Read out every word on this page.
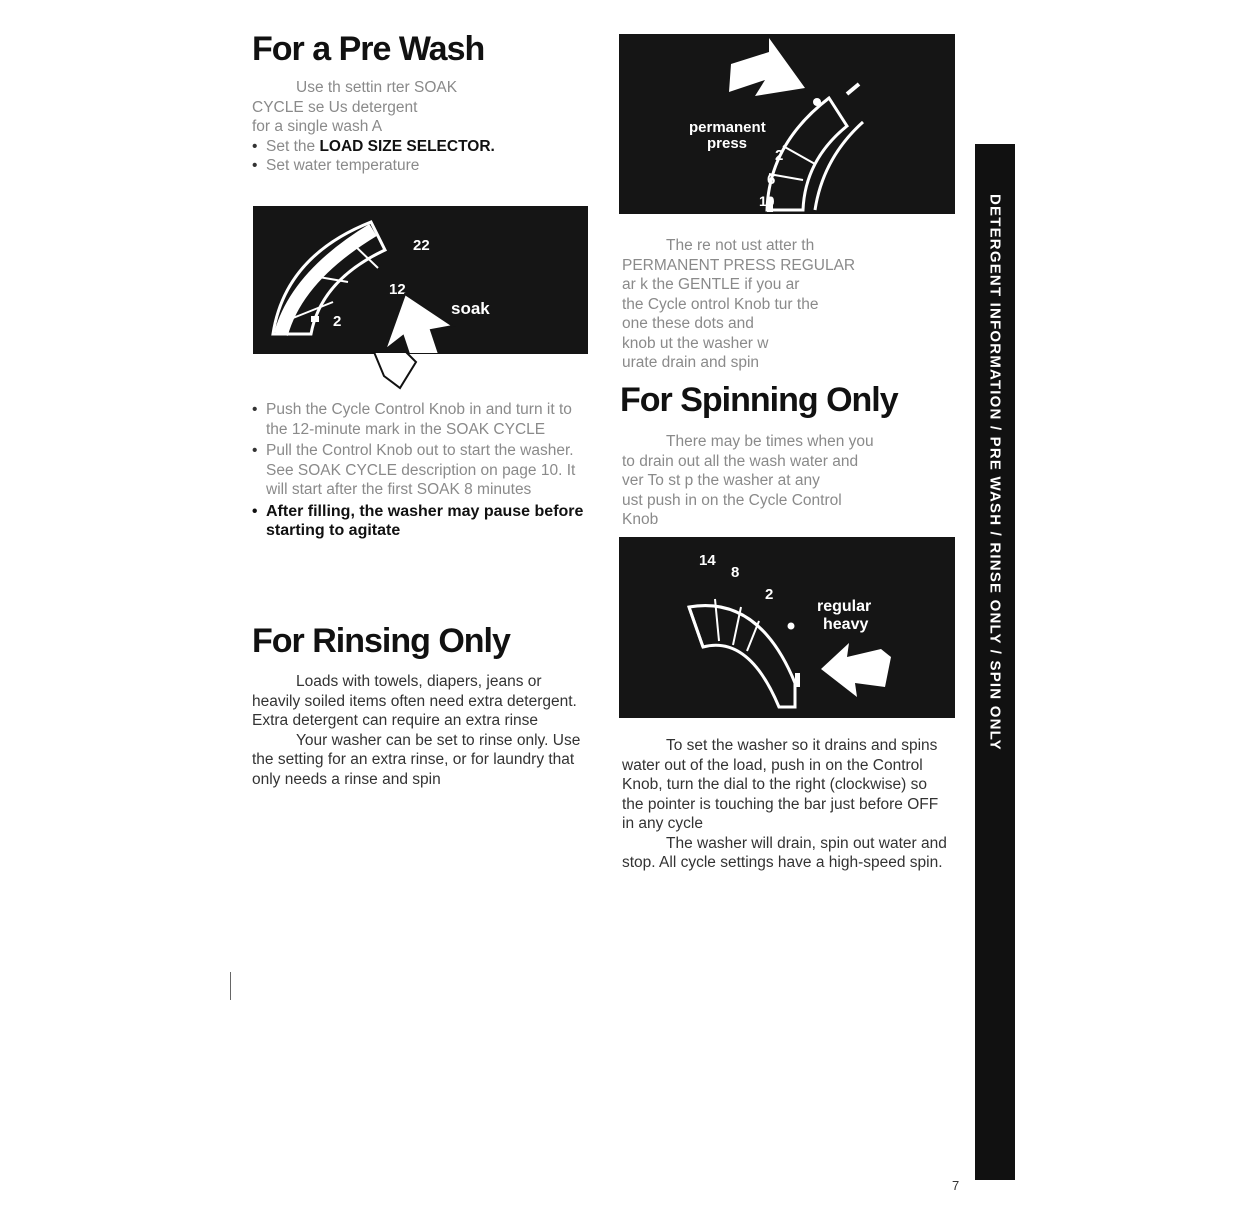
For a Pre Wash

Use th settin rter SOAK

CYCLE se Us detergent

for a single wash A

• Set the LOAD SIZE SELECTOR.
• Set water temperature
22
12
2
soak
• Push the Cycle Control Knob in and turn it to the 12-minute mark in the SOAK CYCLE
• Pull the Control Knob out to start the washer. See SOAK CYCLE description on page 10. It will start after the first SOAK 8 minutes
• After filling, the washer may pause before starting to agitate
For Rinsing Only

Loads with towels, diapers, jeans or heavily soiled items often need extra detergent. Extra detergent can require an extra rinse

Your washer can be set to rinse only. Use the setting for an extra rinse, or for laundry that only needs a rinse and spin

permanent
press
2
6
10

The re not ust atter th

PERMANENT PRESS REGULAR

ar k the GENTLE if you ar

the Cycle ontrol Knob tur the

one these dots and

knob ut the washer w

urate drain and spin

For Spinning Only

There may be times when you

to drain out all the wash water and

ver To st p the washer at any

ust push in on the Cycle Control

Knob

14
8
2
regular
heavy

To set the washer so it drains and spins water out of the load, push in on the Control Knob, turn the dial to the right (clockwise) so the pointer is touching the bar just before OFF in any cycle

The washer will drain, spin out water and stop. All cycle settings have a high-speed spin.

DETERGENT INFORMATION / PRE WASH / RINSE ONLY / SPIN ONLY
7
